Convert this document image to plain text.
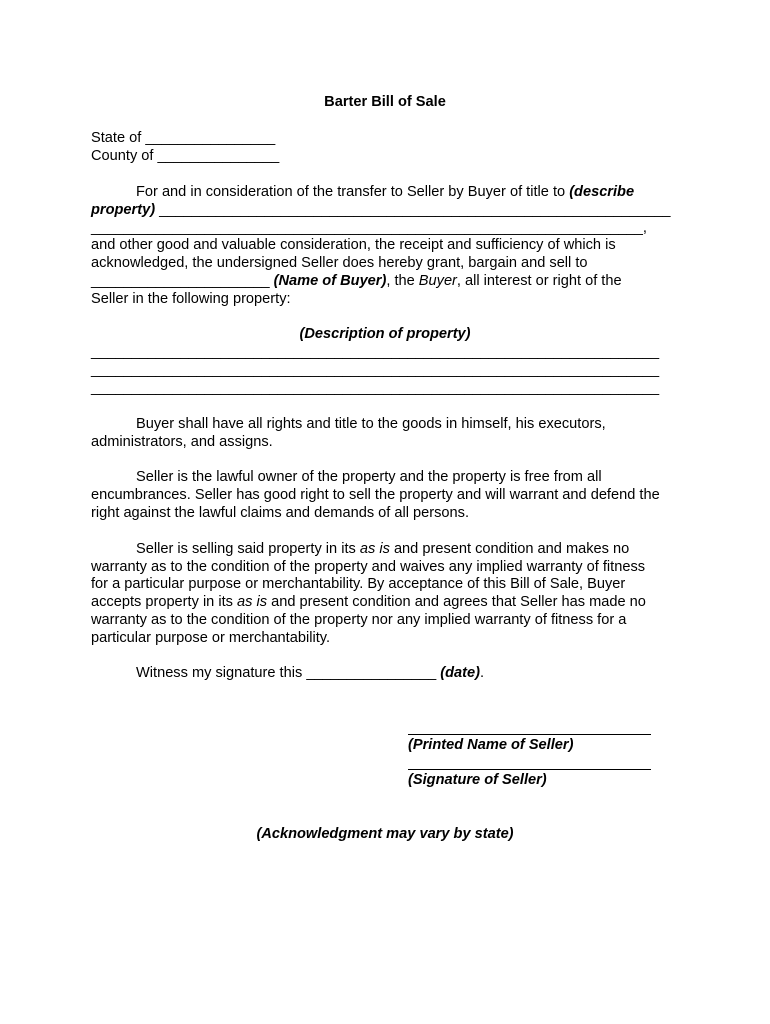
Barter Bill of Sale
State of ________________
County of _______________
For and in consideration of the transfer to Seller by Buyer of title to (describe
property) _______________________________________________________________
____________________________________________________________________,
and other good and valuable consideration, the receipt and sufficiency of which is
acknowledged, the undersigned Seller does hereby grant, bargain and sell to
______________________ (Name of Buyer), the Buyer, all interest or right of the
Seller in the following property:
(Description of property)
______________________________________________________________________
______________________________________________________________________
______________________________________________________________________
Buyer shall have all rights and title to the goods in himself, his executors,
administrators, and assigns.
Seller is the lawful owner of the property and the property is free from all
encumbrances. Seller has good right to sell the property and will warrant and defend the
right against the lawful claims and demands of all persons.
Seller is selling said property in its as is and present condition and makes no
warranty as to the condition of the property and waives any implied warranty of fitness
for a particular purpose or merchantability. By acceptance of this Bill of Sale, Buyer
accepts property in its as is and present condition and agrees that Seller has made no
warranty as to the condition of the property nor any implied warranty of fitness for a
particular purpose or merchantability.
Witness my signature this ________________ (date).
(Printed Name of Seller)
(Signature of Seller)
(Acknowledgment may vary by state)
